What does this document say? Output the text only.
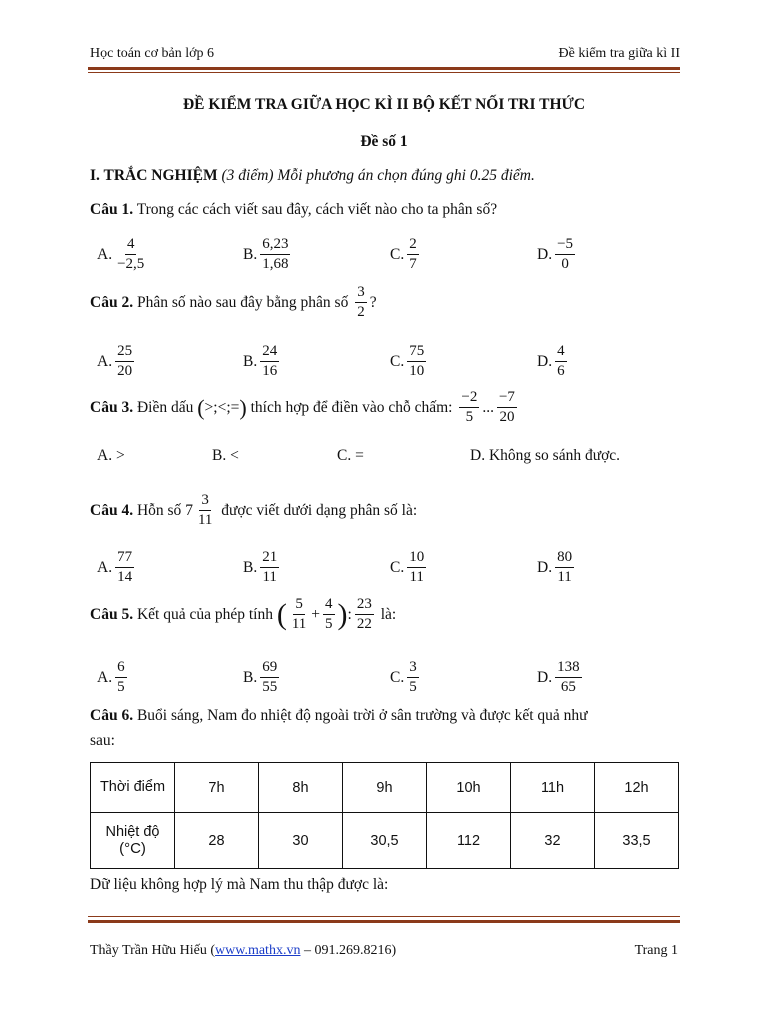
Học toán cơ bản lớp 6	Đề kiểm tra giữa kì II
ĐỀ KIỂM TRA GIỮA HỌC KÌ II BỘ KẾT NỐI TRI THỨC
Đề số 1
I. TRẮC NGHIỆM (3 điểm) Mỗi phương án chọn đúng ghi 0.25 điểm.
Câu 1. Trong các cách viết sau đây, cách viết nào cho ta phân số?
A. $\frac{4}{-2,5}$	B. $\frac{6,23}{1,68}$	C. $\frac{2}{7}$	D. $\frac{-5}{0}$
Câu 2.
Phân số nào sau đây bằng phân số
$\frac{3}{2}$ ?
A. $\frac{25}{20}$	B. $\frac{24}{16}$	C. $\frac{75}{10}$	D. $\frac{4}{6}$
Câu 3.
Điền dấu
( >;<;= )
thích hợp để điền vào chỗ chấm:
$\frac{-2}{5}$ ... $\frac{-7}{20}$
A. >	B. <	C. =	D. Không so sánh được.
Câu 4.
Hỗn số
$7 \frac{3}{11}$
được viết dưới dạng phân số là:
A. $\frac{77}{14}$	B. $\frac{21}{11}$	C. $\frac{10}{11}$	D. $\frac{80}{11}$
Câu 5.
Kết quả của phép tính
( $\frac{5}{11} + \frac{4}{5}$ ) : $\frac{23}{22}$
là:
A. $\frac{6}{5}$	B. $\frac{69}{55}$	C. $\frac{3}{5}$	D. $\frac{138}{65}$
Câu 6. Buổi sáng, Nam đo nhiệt độ ngoài trời ở sân trường và được kết quả như
sau:
Thời điểm	7h	8h	9h	10h	11h	12h

Nhiệt độ
(°C)	28	30	30,5	112	32	33,5
Dữ liệu không hợp lý mà Nam thu thập được là:
Thầy Trần Hữu Hiếu (www.mathx.vn – 091.269.8216)	Trang 1
